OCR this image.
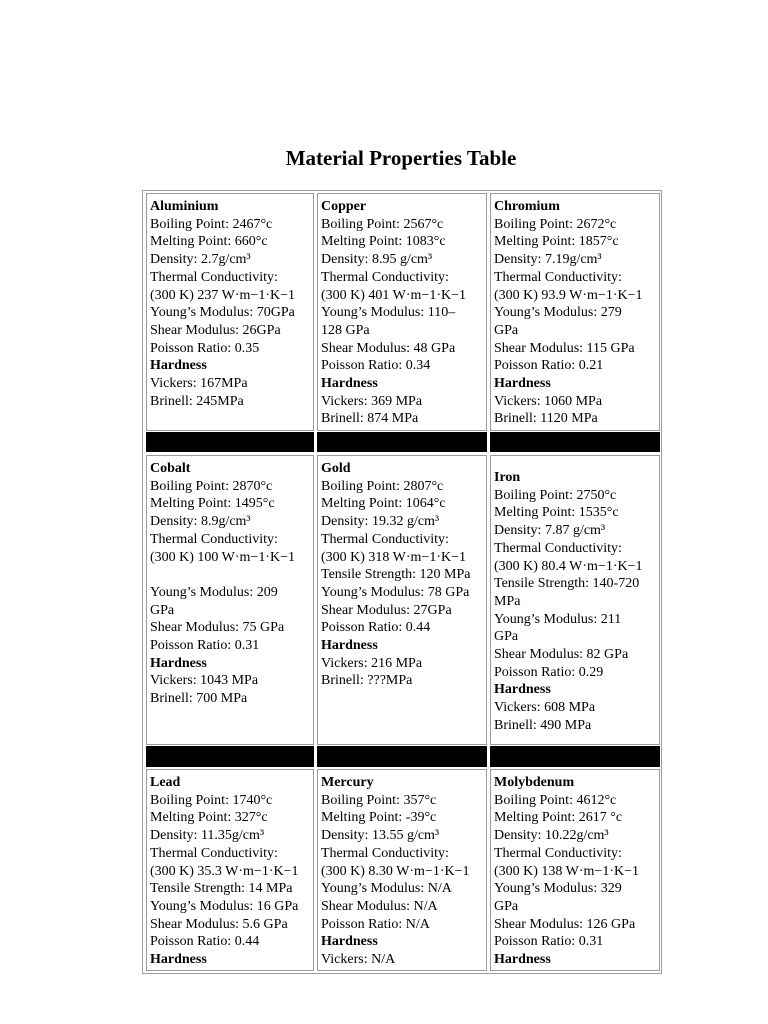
Material Properties Table
Aluminium
Boiling Point: 2467°c
Melting Point: 660°c
Density: 2.7g/cm³
Thermal Conductivity:
(300 K) 237 W·m−1·K−1
Young’s Modulus: 70GPa
Shear Modulus: 26GPa
Poisson Ratio: 0.35
Hardness
Vickers: 167MPa
Brinell: 245MPa
Copper
Boiling Point: 2567°c
Melting Point: 1083°c
Density: 8.95 g/cm³
Thermal Conductivity:
(300 K) 401 W·m−1·K−1
Young’s Modulus: 110–
128 GPa
Shear Modulus: 48 GPa
Poisson Ratio: 0.34
Hardness
Vickers: 369 MPa
Brinell: 874 MPa
Chromium
Boiling Point: 2672°c
Melting Point: 1857°c
Density: 7.19g/cm³
Thermal Conductivity:
(300 K) 93.9 W·m−1·K−1
Young’s Modulus: 279
GPa
Shear Modulus: 115 GPa
Poisson Ratio: 0.21
Hardness
Vickers: 1060 MPa
Brinell: 1120 MPa
Cobalt
Boiling Point: 2870°c
Melting Point: 1495°c
Density: 8.9g/cm³
Thermal Conductivity:
(300 K) 100 W·m−1·K−1
Young’s Modulus: 209
GPa
Shear Modulus: 75 GPa
Poisson Ratio: 0.31
Hardness
Vickers: 1043 MPa
Brinell: 700 MPa
Gold
Boiling Point: 2807°c
Melting Point: 1064°c
Density: 19.32 g/cm³
Thermal Conductivity:
(300 K) 318 W·m−1·K−1
Tensile Strength: 120 MPa
Young’s Modulus: 78 GPa
Shear Modulus: 27GPa
Poisson Ratio: 0.44
Hardness
Vickers: 216 MPa
Brinell: ???MPa
Iron
Boiling Point: 2750°c
Melting Point: 1535°c
Density: 7.87 g/cm³
Thermal Conductivity:
(300 K) 80.4 W·m−1·K−1
Tensile Strength: 140-720
MPa
Young’s Modulus: 211
GPa
Shear Modulus: 82 GPa
Poisson Ratio: 0.29
Hardness
Vickers: 608 MPa
Brinell: 490 MPa
Lead
Boiling Point: 1740°c
Melting Point: 327°c
Density: 11.35g/cm³
Thermal Conductivity:
(300 K) 35.3 W·m−1·K−1
Tensile Strength: 14 MPa
Young’s Modulus: 16 GPa
Shear Modulus: 5.6 GPa
Poisson Ratio: 0.44
Hardness
Mercury
Boiling Point: 357°c
Melting Point: -39°c
Density: 13.55 g/cm³
Thermal Conductivity:
(300 K) 8.30 W·m−1·K−1
Young’s Modulus: N/A
Shear Modulus: N/A
Poisson Ratio: N/A
Hardness
Vickers: N/A
Molybdenum
Boiling Point: 4612°c
Melting Point: 2617 °c
Density: 10.22g/cm³
Thermal Conductivity:
(300 K) 138 W·m−1·K−1
Young’s Modulus: 329
GPa
Shear Modulus: 126 GPa
Poisson Ratio: 0.31
Hardness
